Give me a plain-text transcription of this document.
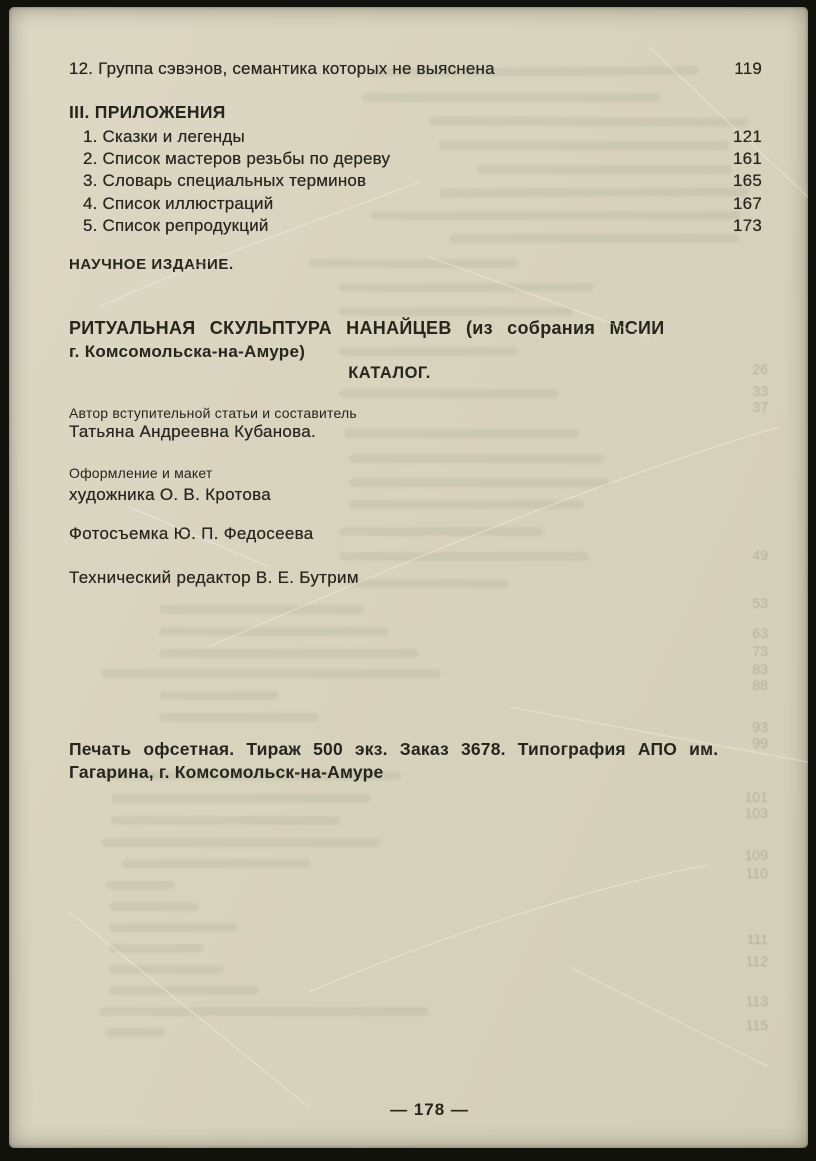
26
33
37
49
53
63
73
83
88
93
99
101
103
109
110
111
112
113
115
12. Группа сэвэнов, семантика которых не выяснена	119
III. ПРИЛОЖЕНИЯ
1. Сказки и легенды	121
2. Список мастеров резьбы по дереву	161
3. Словарь специальных терминов	165
4. Список иллюстраций	167
5. Список репродукций	173
НАУЧНОЕ ИЗДАНИЕ.
РИТУАЛЬНАЯ СКУЛЬПТУРА НАНАЙЦЕВ (из собрания МСИИ
г. Комсомольска-на-Амуре)
КАТАЛОГ.
Автор вступительной статьи и составитель
Татьяна Андреевна Кубанова.
Оформление и макет
художника О. В. Кротова
Фотосъемка Ю. П. Федосеева
Технический редактор В. Е. Бутрим
Печать офсетная. Тираж 500 экз. Заказ 3678. Типография АПО им.
Гагарина, г. Комсомольск-на-Амуре
— 178 —
